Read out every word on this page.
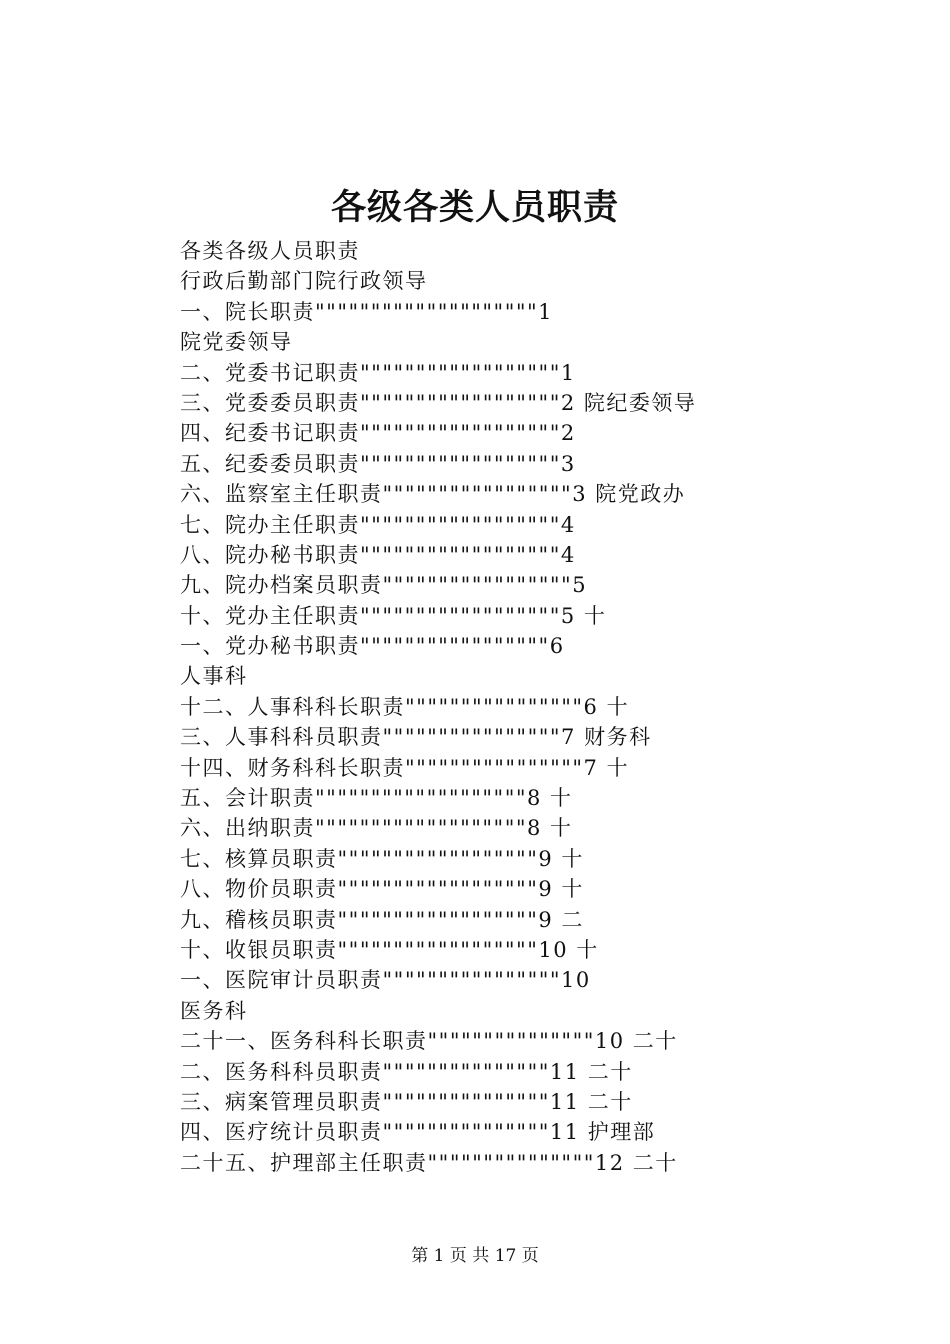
各级各类人员职责
各类各级人员职责
行政后勤部门院行政领导
一、院长职责""""""""""""""""""""1
院党委领导
二、党委书记职责""""""""""""""""""1
三、党委委员职责""""""""""""""""""2 院纪委领导
四、纪委书记职责""""""""""""""""""2
五、纪委委员职责""""""""""""""""""3
六、监察室主任职责"""""""""""""""""3 院党政办
七、院办主任职责""""""""""""""""""4
八、院办秘书职责""""""""""""""""""4
九、院办档案员职责"""""""""""""""""5
十、党办主任职责""""""""""""""""""5 十
一、党办秘书职责"""""""""""""""""6
人事科
十二、人事科科长职责""""""""""""""""6 十
三、人事科科员职责""""""""""""""""7 财务科
十四、财务科科长职责""""""""""""""""7 十
五、会计职责"""""""""""""""""""8 十
六、出纳职责"""""""""""""""""""8 十
七、核算员职责""""""""""""""""""9 十
八、物价员职责""""""""""""""""""9 十
九、稽核员职责""""""""""""""""""9 二
十、收银员职责""""""""""""""""""10 十
一、医院审计员职责""""""""""""""""10
医务科
二十一、医务科科长职责"""""""""""""""10 二十
二、医务科科员职责"""""""""""""""11 二十
三、病案管理员职责"""""""""""""""11 二十
四、医疗统计员职责"""""""""""""""11 护理部
二十五、护理部主任职责"""""""""""""""12 二十
第 1 页 共 17 页
